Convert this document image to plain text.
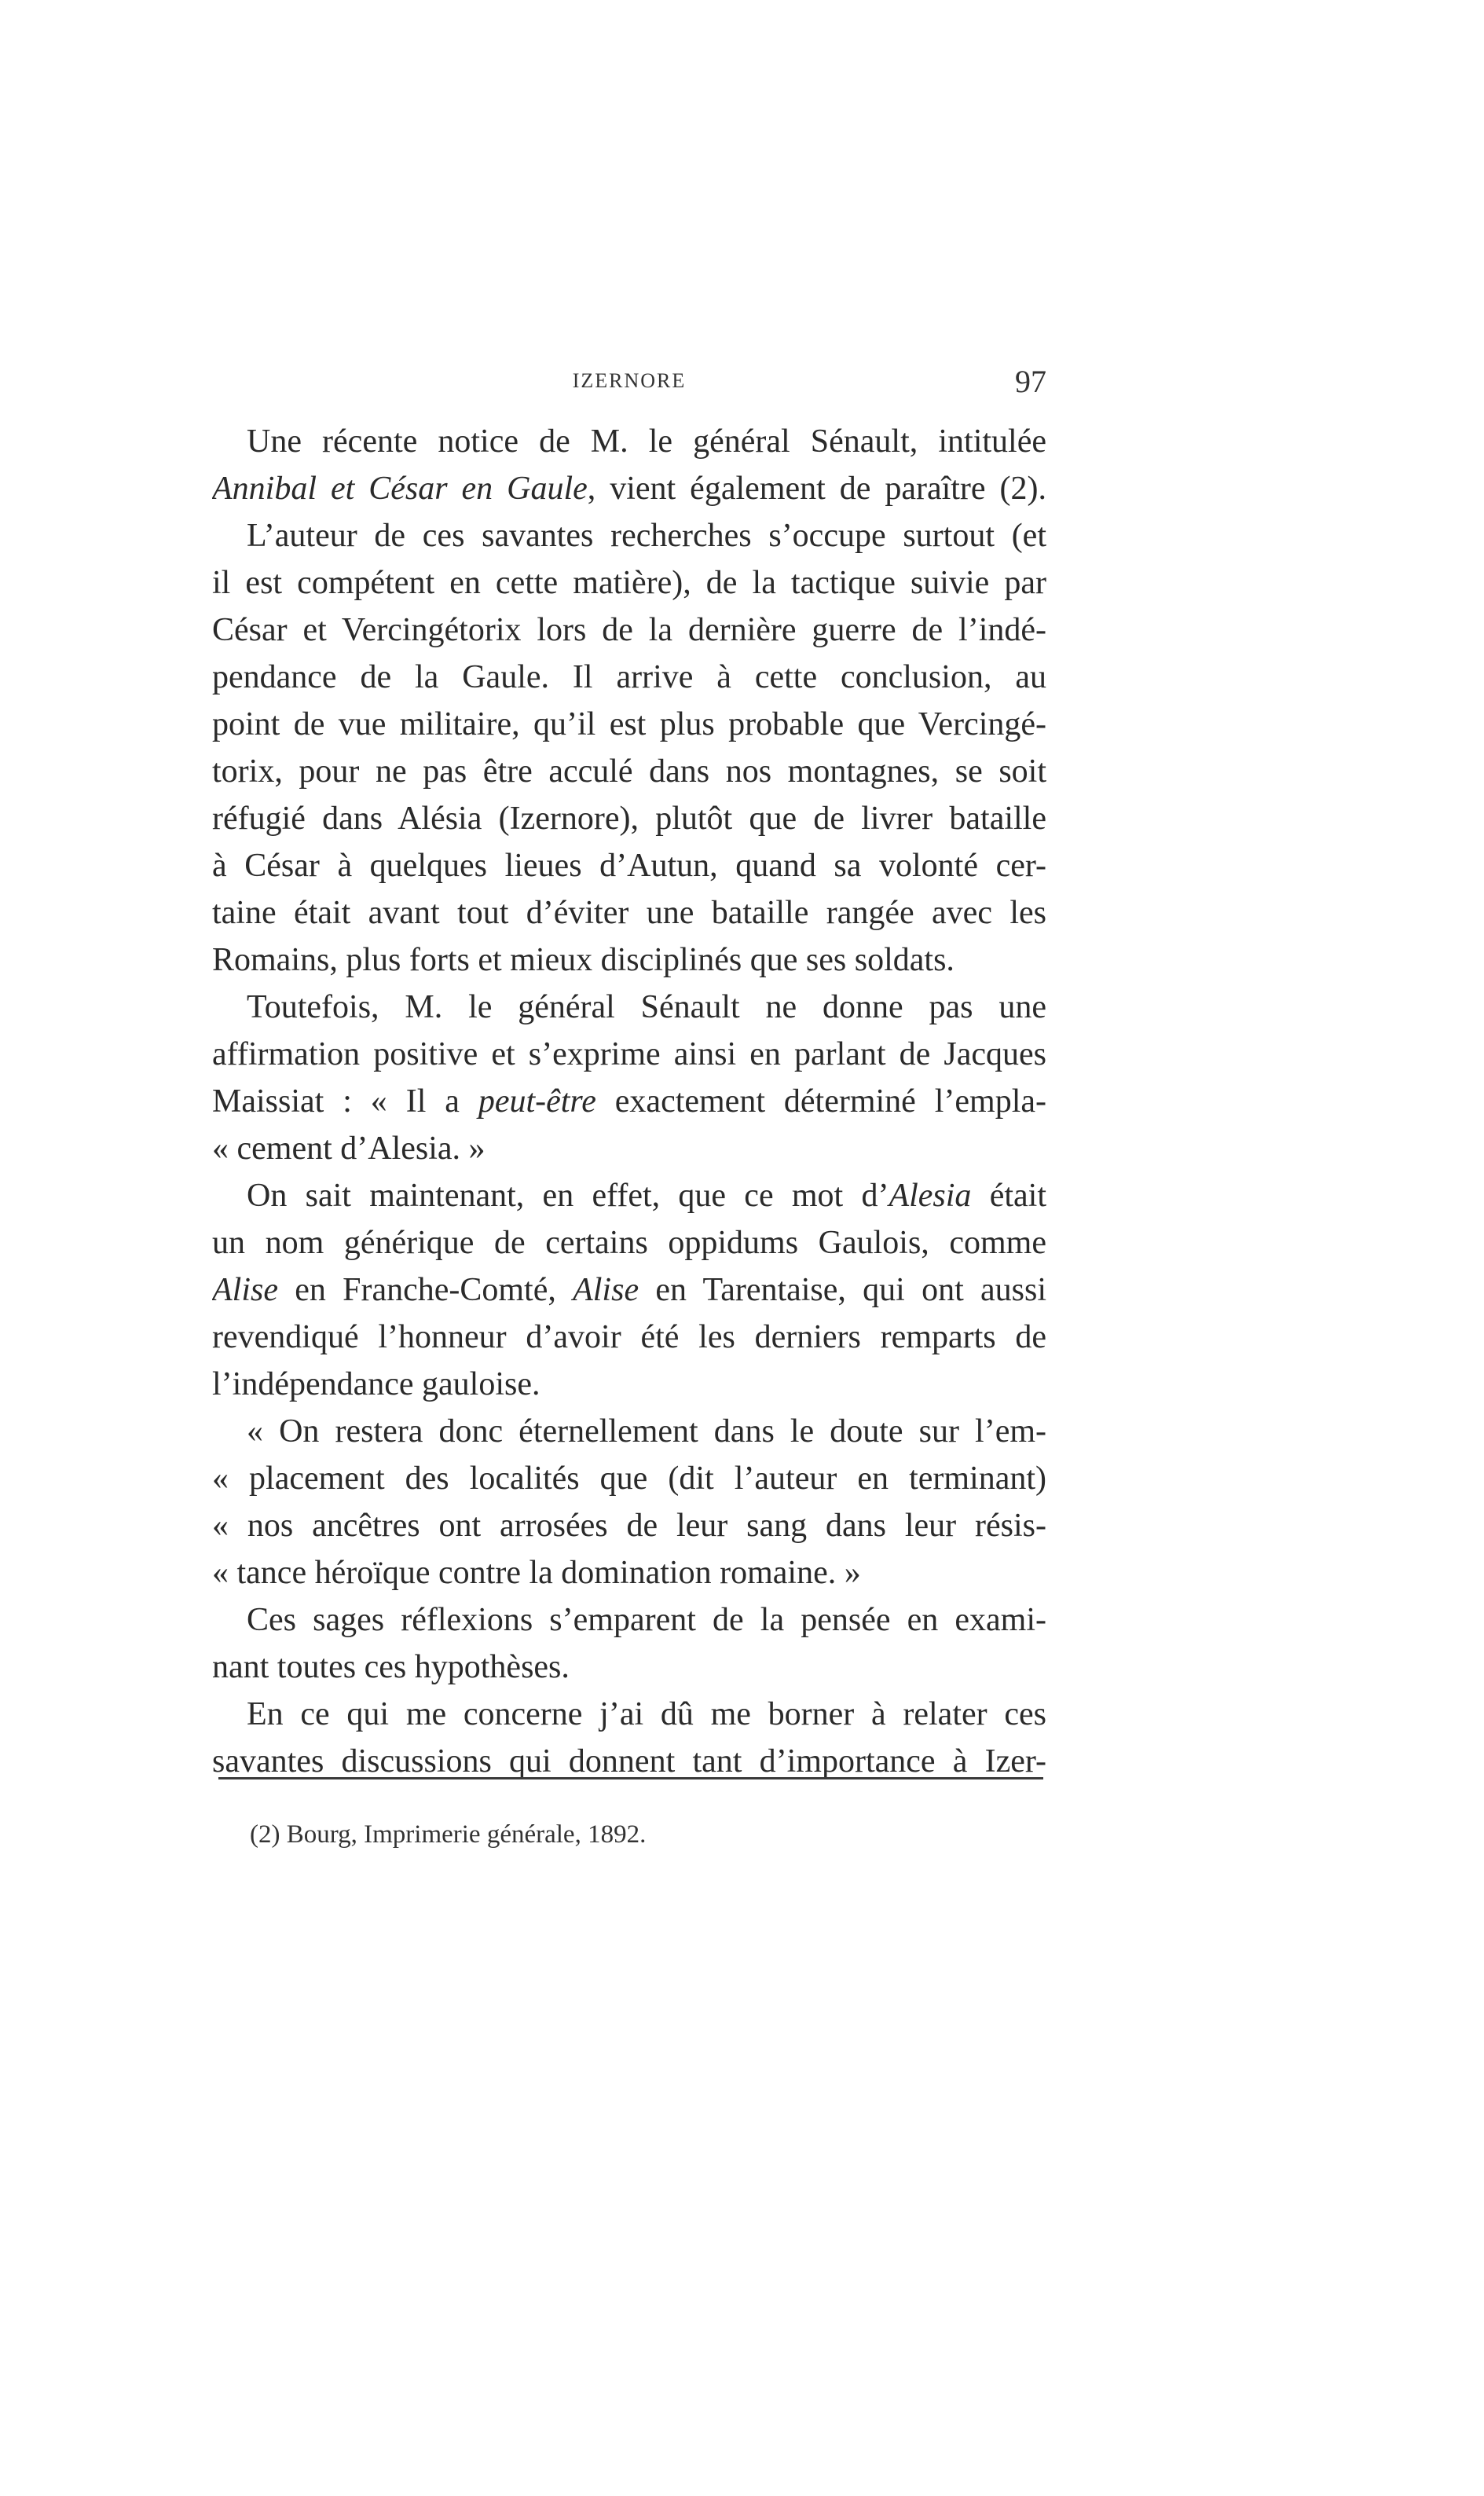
IZERNORE	97
Une récente notice de M. le général Sénault, intitulée
Annibal et César en Gaule, vient également de paraître (2).
L’auteur de ces savantes recherches s’occupe surtout (et
il est compétent en cette matière), de la tactique suivie par
César et Vercingétorix lors de la dernière guerre de l’indé-
pendance de la Gaule. Il arrive à cette conclusion, au
point de vue militaire, qu’il est plus probable que Vercingé-
torix, pour ne pas être acculé dans nos montagnes, se soit
réfugié dans Alésia (Izernore), plutôt que de livrer bataille
à César à quelques lieues d’Autun, quand sa volonté cer-
taine était avant tout d’éviter une bataille rangée avec les
Romains, plus forts et mieux disciplinés que ses soldats.
Toutefois, M. le général Sénault ne donne pas une
affirmation positive et s’exprime ainsi en parlant de Jacques
Maissiat : « Il a peut-être exactement déterminé l’empla-
« cement d’Alesia. »
On sait maintenant, en effet, que ce mot d’Alesia était
un nom générique de certains oppidums Gaulois, comme
Alise en Franche-Comté, Alise en Tarentaise, qui ont aussi
revendiqué l’honneur d’avoir été les derniers remparts de
l’indépendance gauloise.
« On restera donc éternellement dans le doute sur l’em-
« placement des localités que (dit l’auteur en terminant)
« nos ancêtres ont arrosées de leur sang dans leur résis-
« tance héroïque contre la domination romaine. »
Ces sages réflexions s’emparent de la pensée en exami-
nant toutes ces hypothèses.
En ce qui me concerne j’ai dû me borner à relater ces
savantes discussions qui donnent tant d’importance à Izer-
(2) Bourg, Imprimerie générale, 1892.
